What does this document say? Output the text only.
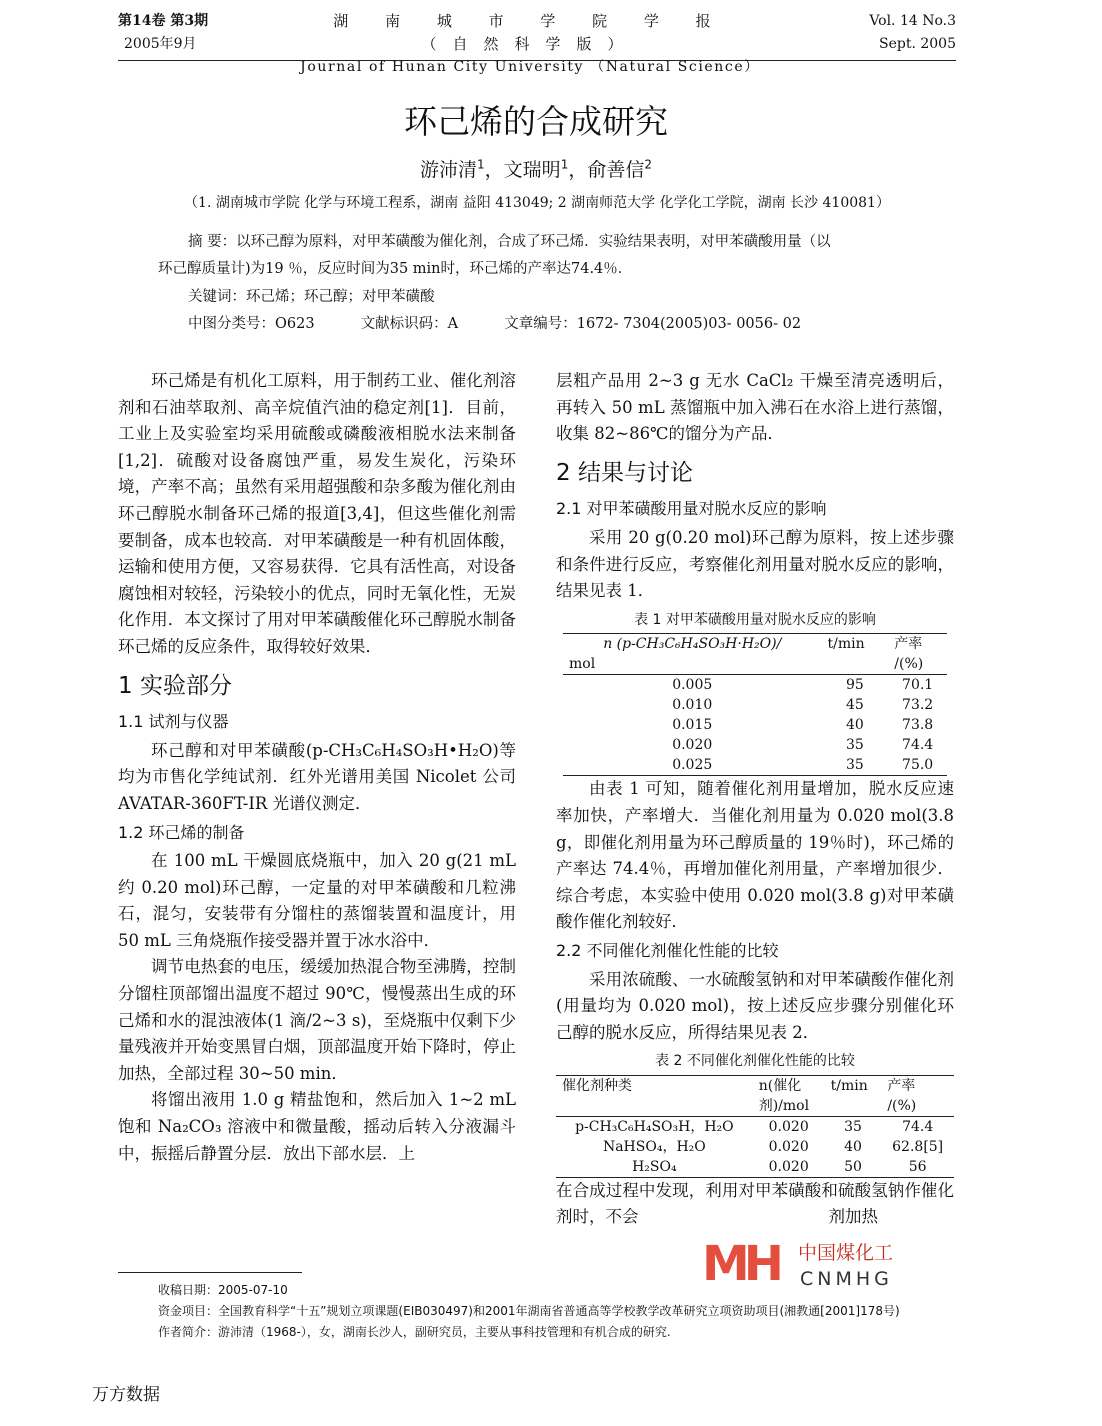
第14卷 第3期
2005年9月
湖 南 城 市 学 院 学 报 （自然科学版）
Journal of Hunan City University （Natural Science）
Vol. 14 No.3
Sept. 2005
环己烯的合成研究
游沛清$^1$，文瑞明$^1$，俞善信$^2$
（1. 湖南城市学院 化学与环境工程系，湖南 益阳 413049; 2 湖南师范大学 化学化工学院，湖南 长沙 410081）
摘 要：以环己醇为原料，对甲苯磺酸为催化剂，合成了环己烯．实验结果表明，对甲苯磺酸用量（以
环己醇质量计)为19 ％，反应时间为35 min时，环己烯的产率达74.4％．
关键词：环己烯；环己醇；对甲苯磺酸
中图分类号：O623          文献标识码：A          文章编号：1672- 7304(2005)03- 0056- 02

环己烯是有机化工原料，用于制药工业、催化剂溶剂和石油萃取剂、高辛烷值汽油的稳定剂[1]．目前，工业上及实验室均采用硫酸或磷酸液相脱水法来制备[1,2]．硫酸对设备腐蚀严重，易发生炭化，污染环境，产率不高；虽然有采用超强酸和杂多酸为催化剂由环己醇脱水制备环己烯的报道[3,4]，但这些催化剂需要制备，成本也较高．对甲苯磺酸是一种有机固体酸，运输和使用方便，又容易获得．它具有活性高，对设备腐蚀相对较轻，污染较小的优点，同时无氧化性，无炭化作用．本文探讨了用对甲苯磺酸催化环己醇脱水制备环己烯的反应条件，取得较好效果．

1 实验部分
1.1 试剂与仪器

环己醇和对甲苯磺酸(p-CH₃C₆H₄SO₃H•H₂O)等均为市售化学纯试剂．红外光谱用美国 Nicolet 公司 AVATAR-360FT-IR 光谱仪测定．

1.2 环己烯的制备

在 100 mL 干燥圆底烧瓶中，加入 20 g(21 mL 约 0.20 mol)环己醇，一定量的对甲苯磺酸和几粒沸石，混匀，安装带有分馏柱的蒸馏装置和温度计，用 50 mL 三角烧瓶作接受器并置于冰水浴中．

调节电热套的电压，缓缓加热混合物至沸腾，控制分馏柱顶部馏出温度不超过 90℃，慢慢蒸出生成的环己烯和水的混浊液体(1 滴/2~3 s)，至烧瓶中仅剩下少量残液并开始变黑冒白烟，顶部温度开始下降时，停止加热，全部过程 30~50 min．

将馏出液用 1.0 g 精盐饱和，然后加入 1~2 mL 饱和 Na₂CO₃ 溶液中和微量酸，摇动后转入分液漏斗中，振摇后静置分层．放出下部水层．上

层粗产品用 2~3 g 无水 CaCl₂ 干燥至清亮透明后，再转入 50 mL 蒸馏瓶中加入沸石在水浴上进行蒸馏，收集 82~86℃的馏分为产品．

2 结果与讨论
2.1 对甲苯磺酸用量对脱水反应的影响

采用 20 g(0.20 mol)环己醇为原料，按上述步骤和条件进行反应，考察催化剂用量对脱水反应的影响，结果见表 1．

表 1 对甲苯磺酸用量对脱水反应的影响
n (p-CH₃C₆H₄SO₃H·H₂O)/	t/min	产率
mol		/(%)
0.005	95	70.1
0.010	45	73.2
0.015	40	73.8
0.020	35	74.4
0.025	35	75.0

由表 1 可知，随着催化剂用量增加，脱水反应速率加快，产率增大．当催化剂用量为 0.020 mol(3.8 g，即催化剂用量为环己醇质量的 19％时)，环己烯的产率达 74.4％，再增加催化剂用量，产率增加很少．综合考虑，本实验中使用 0.020 mol(3.8 g)对甲苯磺酸作催化剂较好．

2.2 不同催化剂催化性能的比较

采用浓硫酸、一水硫酸氢钠和对甲苯磺酸作催化剂(用量均为 0.020 mol)，按上述反应步骤分别催化环己醇的脱水反应，所得结果见表 2．

表 2 不同催化剂催化性能的比较
催化剂种类	n(催化	t/min	产率
	剂)/mol		/(%)
p-CH₃C₆H₄SO₃H，H₂O	0.020	35	74.4
NaHSO₄，H₂O	0.020	40	62.8[5]
H₂SO₄	0.020	50	56

在合成过程中发现，利用对甲苯磺酸和硫酸氢钠作催化剂时，不会	剂加热

MH 中国煤化工
CNMHG
收稿日期：2005-07-10
资金项目：全国教育科学“十五”规划立项课题(EIB030497)和2001年湖南省普通高等学校教学改革研究立项资助项目(湘教通[2001]178号)
作者简介：游沛清（1968-），女，湖南长沙人，副研究员，主要从事科技管理和有机合成的研究.
万方数据
